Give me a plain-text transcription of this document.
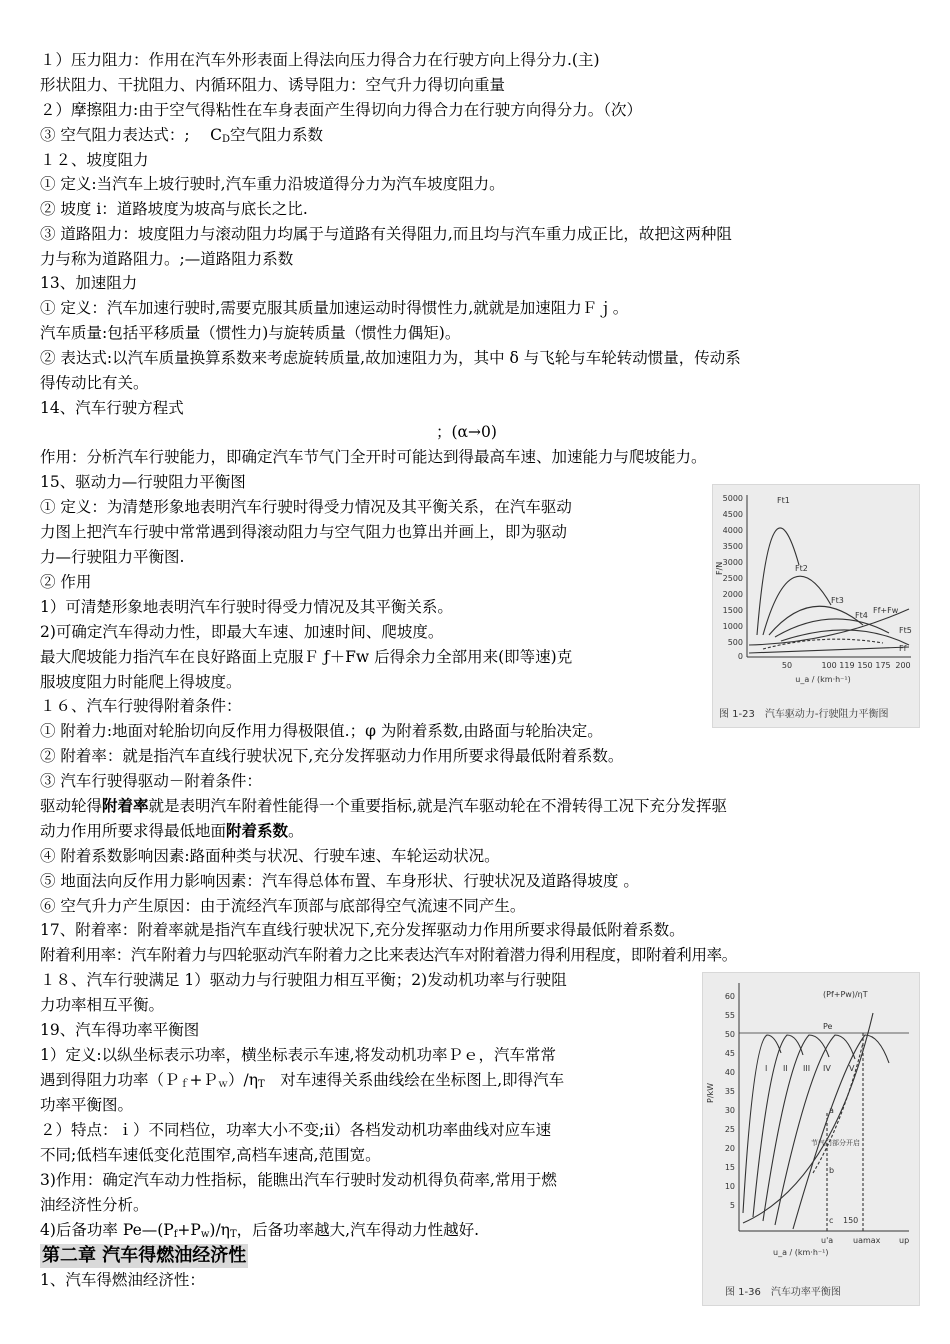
１）压力阻力：作用在汽车外形表面上得法向压力得合力在行驶方向上得分力.(主)
形状阻力、干扰阻力、内循环阻力、诱导阻力：空气升力得切向重量
２）摩擦阻力:由于空气得粘性在车身表面产生得切向力得合力在行驶方向得分力。（次）
③ 空气阻力表达式：;　 $C_D$空气阻力系数
１２、坡度阻力
① 定义:当汽车上坡行驶时,汽车重力沿坡道得分力为汽车坡度阻力。
② 坡度 i：道路坡度为坡高与底长之比.
③ 道路阻力：坡度阻力与滚动阻力均属于与道路有关得阻力,而且均与汽车重力成正比，故把这两种阻
力与称为道路阻力。;—道路阻力系数
13、加速阻力
① 定义：汽车加速行驶时,需要克服其质量加速运动时得惯性力,就就是加速阻力Ｆｊ。
汽车质量:包括平移质量（惯性力)与旋转质量（惯性力偶矩)。
② 表达式:以汽车质量换算系数来考虑旋转质量,故加速阻力为，其中 δ 与飞轮与车轮转动惯量，传动系
得传动比有关。
14、汽车行驶方程式
；(α→0)
作用：分析汽车行驶能力，即确定汽车节气门全开时可能达到得最高车速、加速能力与爬坡能力。
15、驱动力—行驶阻力平衡图
① 定义：为清楚形象地表明汽车行驶时得受力情况及其平衡关系，在汽车驱动
力图上把汽车行驶中常常遇到得滚动阻力与空气阻力也算出并画上，即为驱动
力—行驶阻力平衡图.
② 作用
1）可清楚形象地表明汽车行驶时得受力情况及其平衡关系。
2)可确定汽车得动力性，即最大车速、加速时间、爬坡度。
最大爬坡能力指汽车在良好路面上克服Ｆ ƒ＋Fw 后得余力全部用来(即等速)克
服坡度阻力时能爬上得坡度。
１６、汽车行驶得附着条件：
① 附着力:地面对轮胎切向反作用力得极限值.；φ 为附着系数,由路面与轮胎决定。
② 附着率：就是指汽车直线行驶状况下,充分发挥驱动力作用所要求得最低附着系数。
③ 汽车行驶得驱动－附着条件：
驱动轮得附着率就是表明汽车附着性能得一个重要指标,就是汽车驱动轮在不滑转得工况下充分发挥驱
动力作用所要求得最低地面附着系数。
④ 附着系数影响因素:路面种类与状况、行驶车速、车轮运动状况。
⑤ 地面法向反作用力影响因素：汽车得总体布置、车身形状、行驶状况及道路得坡度 。
⑥ 空气升力产生原因：由于流经汽车顶部与底部得空气流速不同产生。
17、附着率：附着率就是指汽车直线行驶状况下,充分发挥驱动力作用所要求得最低附着系数。
附着利用率：汽车附着力与四轮驱动汽车附着力之比来表达汽车对附着潜力得利用程度，即附着利用率。
１８、汽车行驶满足 1）驱动力与行驶阻力相互平衡；2)发动机功率与行驶阻
力功率相互平衡。
19、汽车得功率平衡图
1）定义:以纵坐标表示功率，横坐标表示车速,将发动机功率Ｐｅ，汽车常常
遇到得阻力功率$(P_f+P_w)/\eta_T$　 对车速得关系曲线绘在坐标图上,即得汽车
功率平衡图。
２）特点：ｉ）不同档位，功率大小不变;ii）各档发动机功率曲线对应车速
不同;低档车速低变化范围窄,高档车速高,范围宽。
3)作用：确定汽车动力性指标，能瞧出汽车行驶时发动机得负荷率,常用于燃
油经济性分析。
4)后备功率 $Pe—(P_f+P_w)/\eta_T$，后备功率越大,汽车得动力性越好.
第二章 汽车得燃油经济性
1、汽车得燃油经济性：
5000
4500
4000
3500
3000
2500
2000
1500
1000
500
0
F/N
50	100 119 150 175 200
u_a / (km·h⁻¹)
Ft1
Ft2
Ft3
Ft4
Ft5
Ff+Fw
Ff
图 1-23　汽车驱动力-行驶阻力平衡图
60
55
50
45
40
35
30
25
20
15
10
5
P/kW
(Pf+Pw)/ηT
Pe
I II III IV V
a
b
c 150
节气门部分开启
u'a uamax up
u_a / (km·h⁻¹)
图 1-36　汽车功率平衡图
